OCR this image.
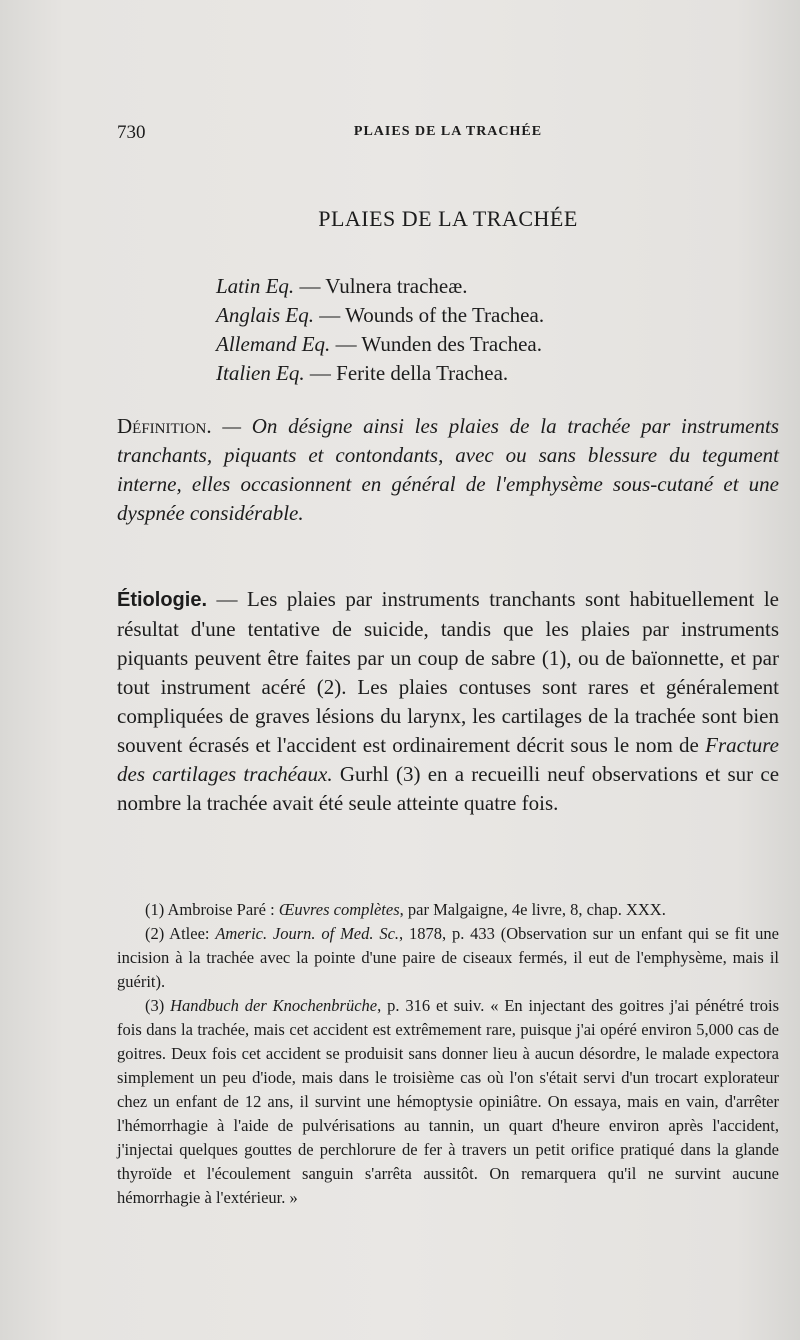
730	PLAIES DE LA TRACHÉE
PLAIES DE LA TRACHÉE
Latin Eq. — Vulnera tracheæ.
Anglais Eq. — Wounds of the Trachea.
Allemand Eq. — Wunden des Trachea.
Italien Eq. — Ferite della Trachea.
Définition. — On désigne ainsi les plaies de la trachée par instruments tranchants, piquants et contondants, avec ou sans blessure du tegument interne, elles occasionnent en général de l'emphysème sous-cutané et une dyspnée considérable.
Étiologie. — Les plaies par instruments tranchants sont habituellement le résultat d'une tentative de suicide, tandis que les plaies par instruments piquants peuvent être faites par un coup de sabre (1), ou de baïonnette, et par tout instrument acéré (2). Les plaies contuses sont rares et généralement compliquées de graves lésions du larynx, les cartilages de la trachée sont bien souvent écrasés et l'accident est ordinairement décrit sous le nom de Fracture des cartilages trachéaux. Gurhl (3) en a recueilli neuf observations et sur ce nombre la trachée avait été seule atteinte quatre fois.

(1) Ambroise Paré : Œuvres complètes, par Malgaigne, 4e livre, 8, chap. XXX.

(2) Atlee: Americ. Journ. of Med. Sc., 1878, p. 433 (Observation sur un enfant qui se fit une incision à la trachée avec la pointe d'une paire de ciseaux fermés, il eut de l'emphysème, mais il guérit).

(3) Handbuch der Knochenbrüche, p. 316 et suiv. « En injectant des goitres j'ai pénétré trois fois dans la trachée, mais cet accident est extrêmement rare, puisque j'ai opéré environ 5,000 cas de goitres. Deux fois cet accident se produisit sans donner lieu à aucun désordre, le malade expectora simplement un peu d'iode, mais dans le troisième cas où l'on s'était servi d'un trocart explorateur chez un enfant de 12 ans, il survint une hémoptysie opiniâtre. On essaya, mais en vain, d'arrêter l'hémorrhagie à l'aide de pulvérisations au tannin, un quart d'heure environ après l'accident, j'injectai quelques gouttes de perchlorure de fer à travers un petit orifice pratiqué dans la glande thyroïde et l'écoulement sanguin s'arrêta aussitôt. On remarquera qu'il ne survint aucune hémorrhagie à l'extérieur. »
